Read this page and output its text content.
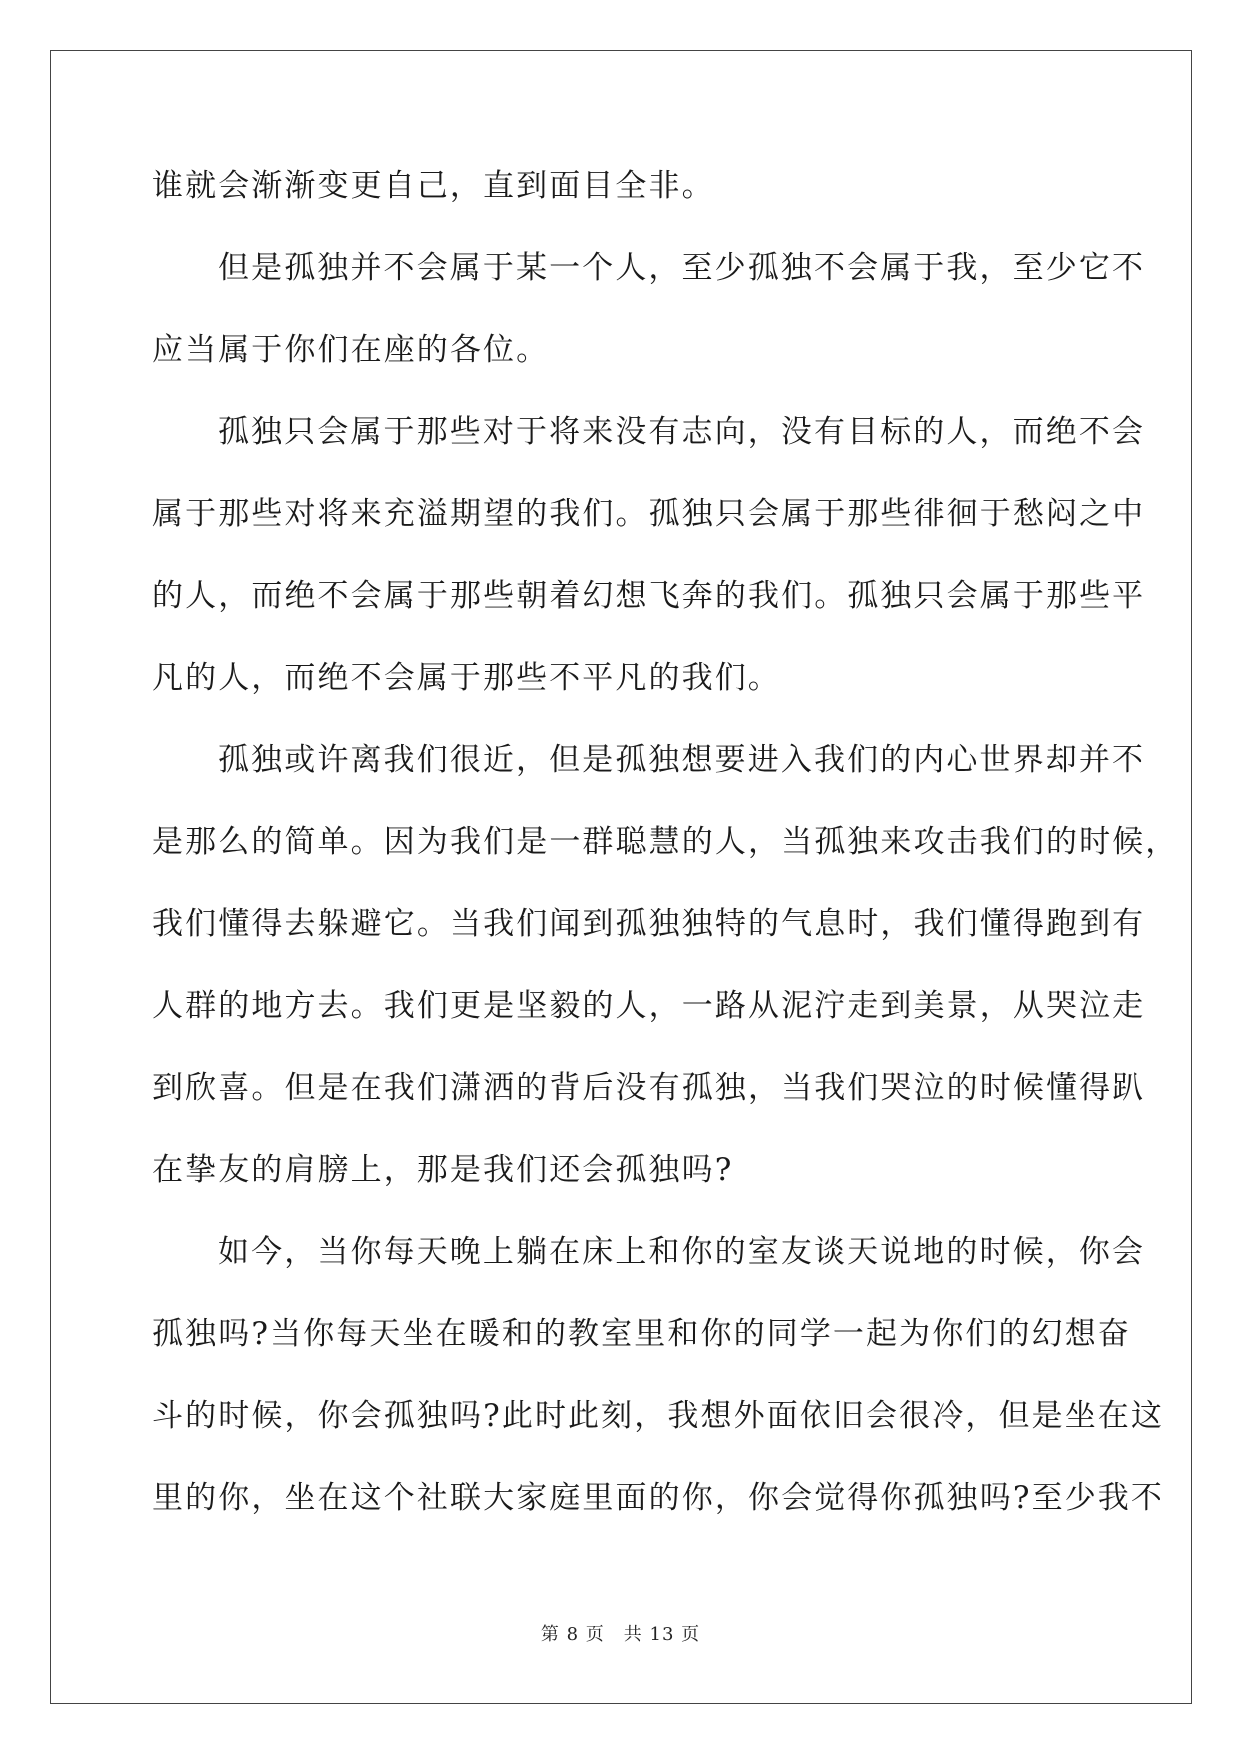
谁就会渐渐变更自己，直到面目全非。
但 是 孤 独 并 不 会 属 于 某 一 个 人 ， 至 少 孤 独 不 会 属 于 我 ， 至 少 它 不
应当属于你们在座的各位。
孤 独 只 会 属 于 那 些 对 于 将 来 没 有 志 向 ， 没 有 目 标 的 人 ， 而 绝 不 会
属 于 那 些 对 将 来 充 溢 期 望 的 我 们 。 孤 独 只 会 属 于 那 些 徘 徊 于 愁 闷 之 中
的 人 ， 而 绝 不 会 属 于 那 些 朝 着 幻 想 飞 奔 的 我 们 。 孤 独 只 会 属 于 那 些 平
凡的人，而绝不会属于那些不平凡的我们。
孤 独 或 许 离 我 们 很 近 ， 但 是 孤 独 想 要 进 入 我 们 的 内 心 世 界 却 并 不
是 那 么 的 简 单 。 因 为 我 们 是 一 群 聪 慧 的 人 ， 当 孤 独 来 攻 击 我 们 的 时 候 ，
我 们 懂 得 去 躲 避 它 。 当 我 们 闻 到 孤 独 独 特 的 气 息 时 ， 我 们 懂 得 跑 到 有
人 群 的 地 方 去 。 我 们 更 是 坚 毅 的 人 ， 一 路 从 泥 泞 走 到 美 景 ， 从 哭 泣 走
到 欣 喜 。 但 是 在 我 们 潇 洒 的 背 后 没 有 孤 独 ， 当 我 们 哭 泣 的 时 候 懂 得 趴
在挚友的肩膀上，那是我们还会孤独吗?
如 今 ， 当 你 每 天 晚 上 躺 在 床 上 和 你 的 室 友 谈 天 说 地 的 时 候 ， 你 会
孤 独 吗 ? 当 你 每 天 坐 在 暖 和 的 教 室 里 和 你 的 同 学 一 起 为 你 们 的 幻 想 奋
斗 的 时 候 ， 你 会 孤 独 吗 ? 此 时 此 刻 ， 我 想 外 面 依 旧 会 很 冷 ， 但 是 坐 在 这
里 的 你 ， 坐 在 这 个 社 联 大 家 庭 里 面 的 你 ， 你 会 觉 得 你 孤 独 吗 ? 至 少 我 不
第 8 页　共 13 页
